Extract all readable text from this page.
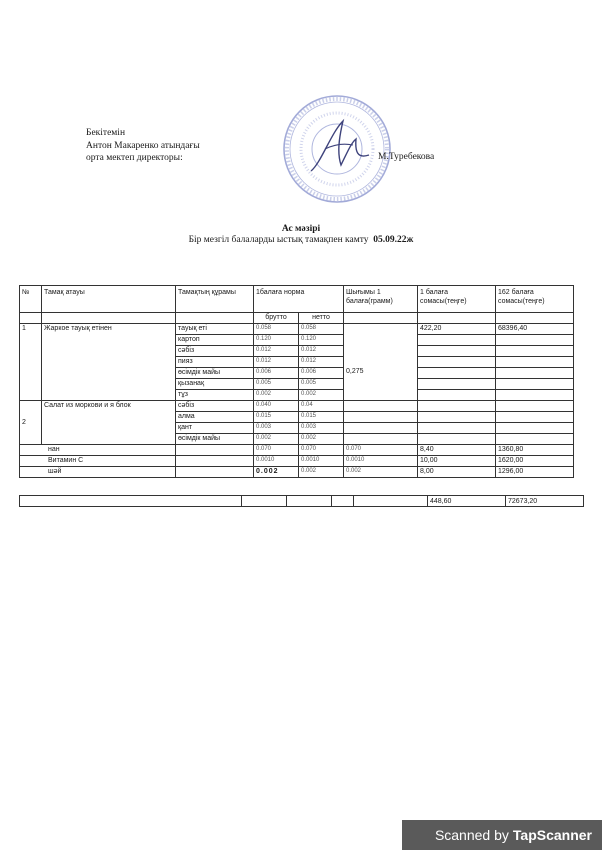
Бекітемін
Антон Макаренко атындағы
орта мектеп директоры:	М.Туребекова
Ас мәзірі
Бір мезгіл балаларды ыстық тамақпен камту 05.09.22ж
№	Тамақ атауы	Тамақтың құрамы	1балаға норма		Шығымы 1 балаға(грамм)	1 балаға сомасы(теңге)	162 балаға сомасы(теңге)
			брутто	нетто			
1	Жаркое тауық етінен	тауық еті	0.058	0.058	0,275	422,20	68396,40
		картоп	0.120	0.120			
		сәбіз	0.012	0.012			
		пияз	0.012	0.012			
		өсімдік майы	0.006	0.006			
		қызанақ	0.005	0.005			
		тұз	0.002	0.002			
2	Салат из моркови и я блок	сәбіз	0.040	0.04			
		алма	0.015	0.015			
		қант	0.003	0.003			
		өсімдік майы	0.002	0.002			
нан			0.070	0.070	0.070	8,40	1360,80
Витамин С			0.0010	0.0010	0.0010	10,00	1620,00
шәй			0.002	0.002	0.002	8,00	1296,00
					448,60	72673,20
Scanned by TapScanner
